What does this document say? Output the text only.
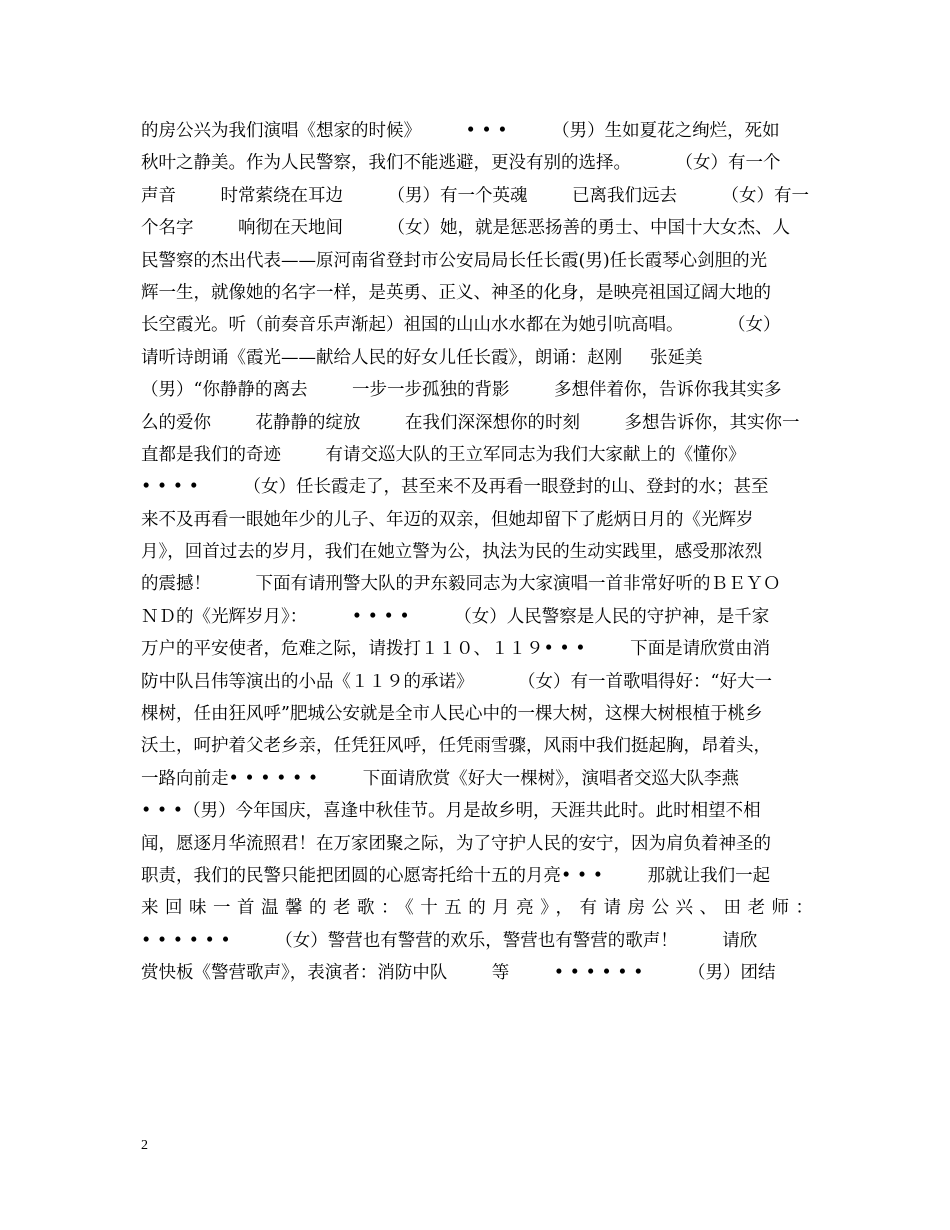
的房公兴为我们演唱《想家的时候》        • • •        （男）生如夏花之绚烂，死如
秋叶之静美。作为人民警察，我们不能逃避，更没有别的选择。        （女）有一个
声音        时常萦绕在耳边        （男）有一个英魂        已离我们远去        （女）有一
个名字        响彻在天地间        （女）她，就是惩恶扬善的勇士、中国十大女杰、人
民警察的杰出代表——原河南省登封市公安局局长任长霞(男)任长霞琴心剑胆的光
辉一生，就像她的名字一样，是英勇、正义、神圣的化身，是映亮祖国辽阔大地的
长空霞光。听（前奏音乐声渐起）祖国的山山水水都在为她引吭高唱。        （女）
请听诗朗诵《霞光——献给人民的好女儿任长霞》，朗诵：赵刚     张延美
（男）“你静静的离去        一步一步孤独的背影        多想伴着你，告诉你我其实多
么的爱你        花静静的绽放        在我们深深想你的时刻        多想告诉你，其实你一
直都是我们的奇迹        有请交巡大队的王立军同志为我们大家献上的《懂你》
• • • •        （女）任长霞走了，甚至来不及再看一眼登封的山、登封的水；甚至
来不及再看一眼她年少的儿子、年迈的双亲，但她却留下了彪炳日月的《光辉岁
月》，回首过去的岁月，我们在她立警为公，执法为民的生动实践里，感受那浓烈
的震撼！        下面有请刑警大队的尹东毅同志为大家演唱一首非常好听的ＢＥＹＯ
ＮＤ的《光辉岁月》：        • • • •        （女）人民警察是人民的守护神，是千家
万户的平安使者，危难之际，请拨打１１０、１１９• • •        下面是请欣赏由消
防中队吕伟等演出的小品《１１９的承诺》        （女）有一首歌唱得好：“好大一
棵树，任由狂风呼”肥城公安就是全市人民心中的一棵大树，这棵大树根植于桃乡
沃土，呵护着父老乡亲，任凭狂风呼，任凭雨雪骤，风雨中我们挺起胸，昂着头，
一路向前走• • • • • •        下面请欣赏《好大一棵树》，演唱者交巡大队李燕
• • •（男）今年国庆，喜逢中秋佳节。月是故乡明，天涯共此时。此时相望不相
闻，愿逐月华流照君！在万家团聚之际，为了守护人民的安宁，因为肩负着神圣的
职责，我们的民警只能把团圆的心愿寄托给十五的月亮• • •        那就让我们一起
来回味一首温馨的老歌：《十五的月亮》，有请房公兴、田老师：
• • • • • •        （女）警营也有警营的欢乐，警营也有警营的歌声！        请欣
赏快板《警营歌声》，表演者：消防中队        等        • • • • • •        （男）团结
2
